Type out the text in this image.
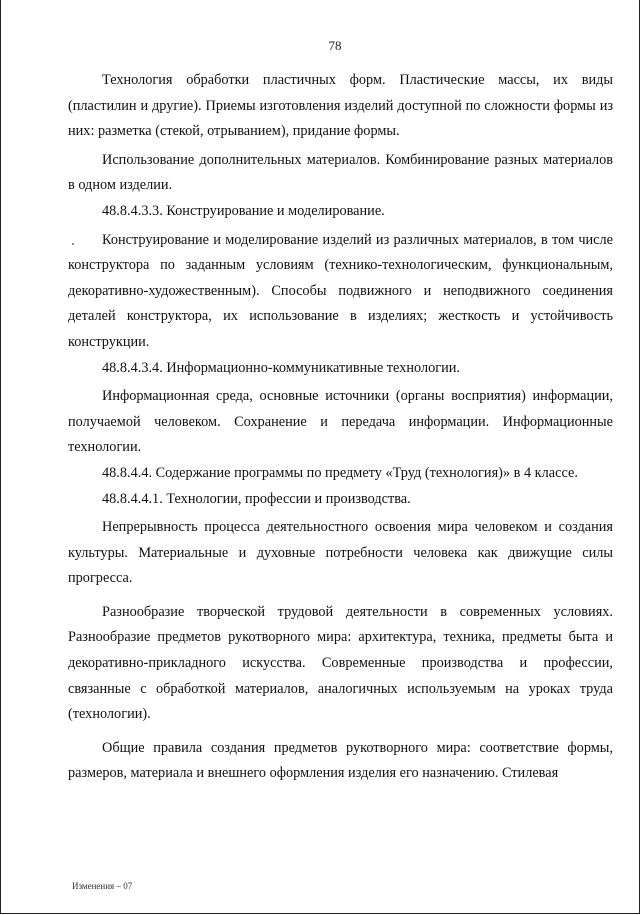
78

Технология обработки пластичных форм. Пластические массы, их виды (пластилин и другие). Приемы изготовления изделий доступной по сложности формы из них: разметка (стекой, отрыванием), придание формы.

Использование дополнительных материалов. Комбинирование разных материалов в одном изделии.

48.8.4.3.3. Конструирование и моделирование.

Конструирование и моделирование изделий из различных материалов, в том числе конструктора по заданным условиям (технико-технологическим, функциональным, декоративно-художественным). Способы подвижного и неподвижного соединения деталей конструктора, их использование в изделиях; жесткость и устойчивость конструкции.

48.8.4.3.4. Информационно-коммуникативные технологии.

Информационная среда, основные источники (органы восприятия) информации, получаемой человеком. Сохранение и передача информации. Информационные технологии.

48.8.4.4. Содержание программы по предмету «Труд (технология)» в 4 классе.

48.8.4.4.1. Технологии, профессии и производства.

Непрерывность процесса деятельностного освоения мира человеком и создания культуры. Материальные и духовные потребности человека как движущие силы прогресса.

Разнообразие творческой трудовой деятельности в современных условиях. Разнообразие предметов рукотворного мира: архитектура, техника, предметы быта и декоративно-прикладного искусства. Современные производства и профессии, связанные с обработкой материалов, аналогичных используемым на уроках труда (технологии).

Общие правила создания предметов рукотворного мира: соответствие формы, размеров, материала и внешнего оформления изделия его назначению. Стилевая

Изменения – 07
